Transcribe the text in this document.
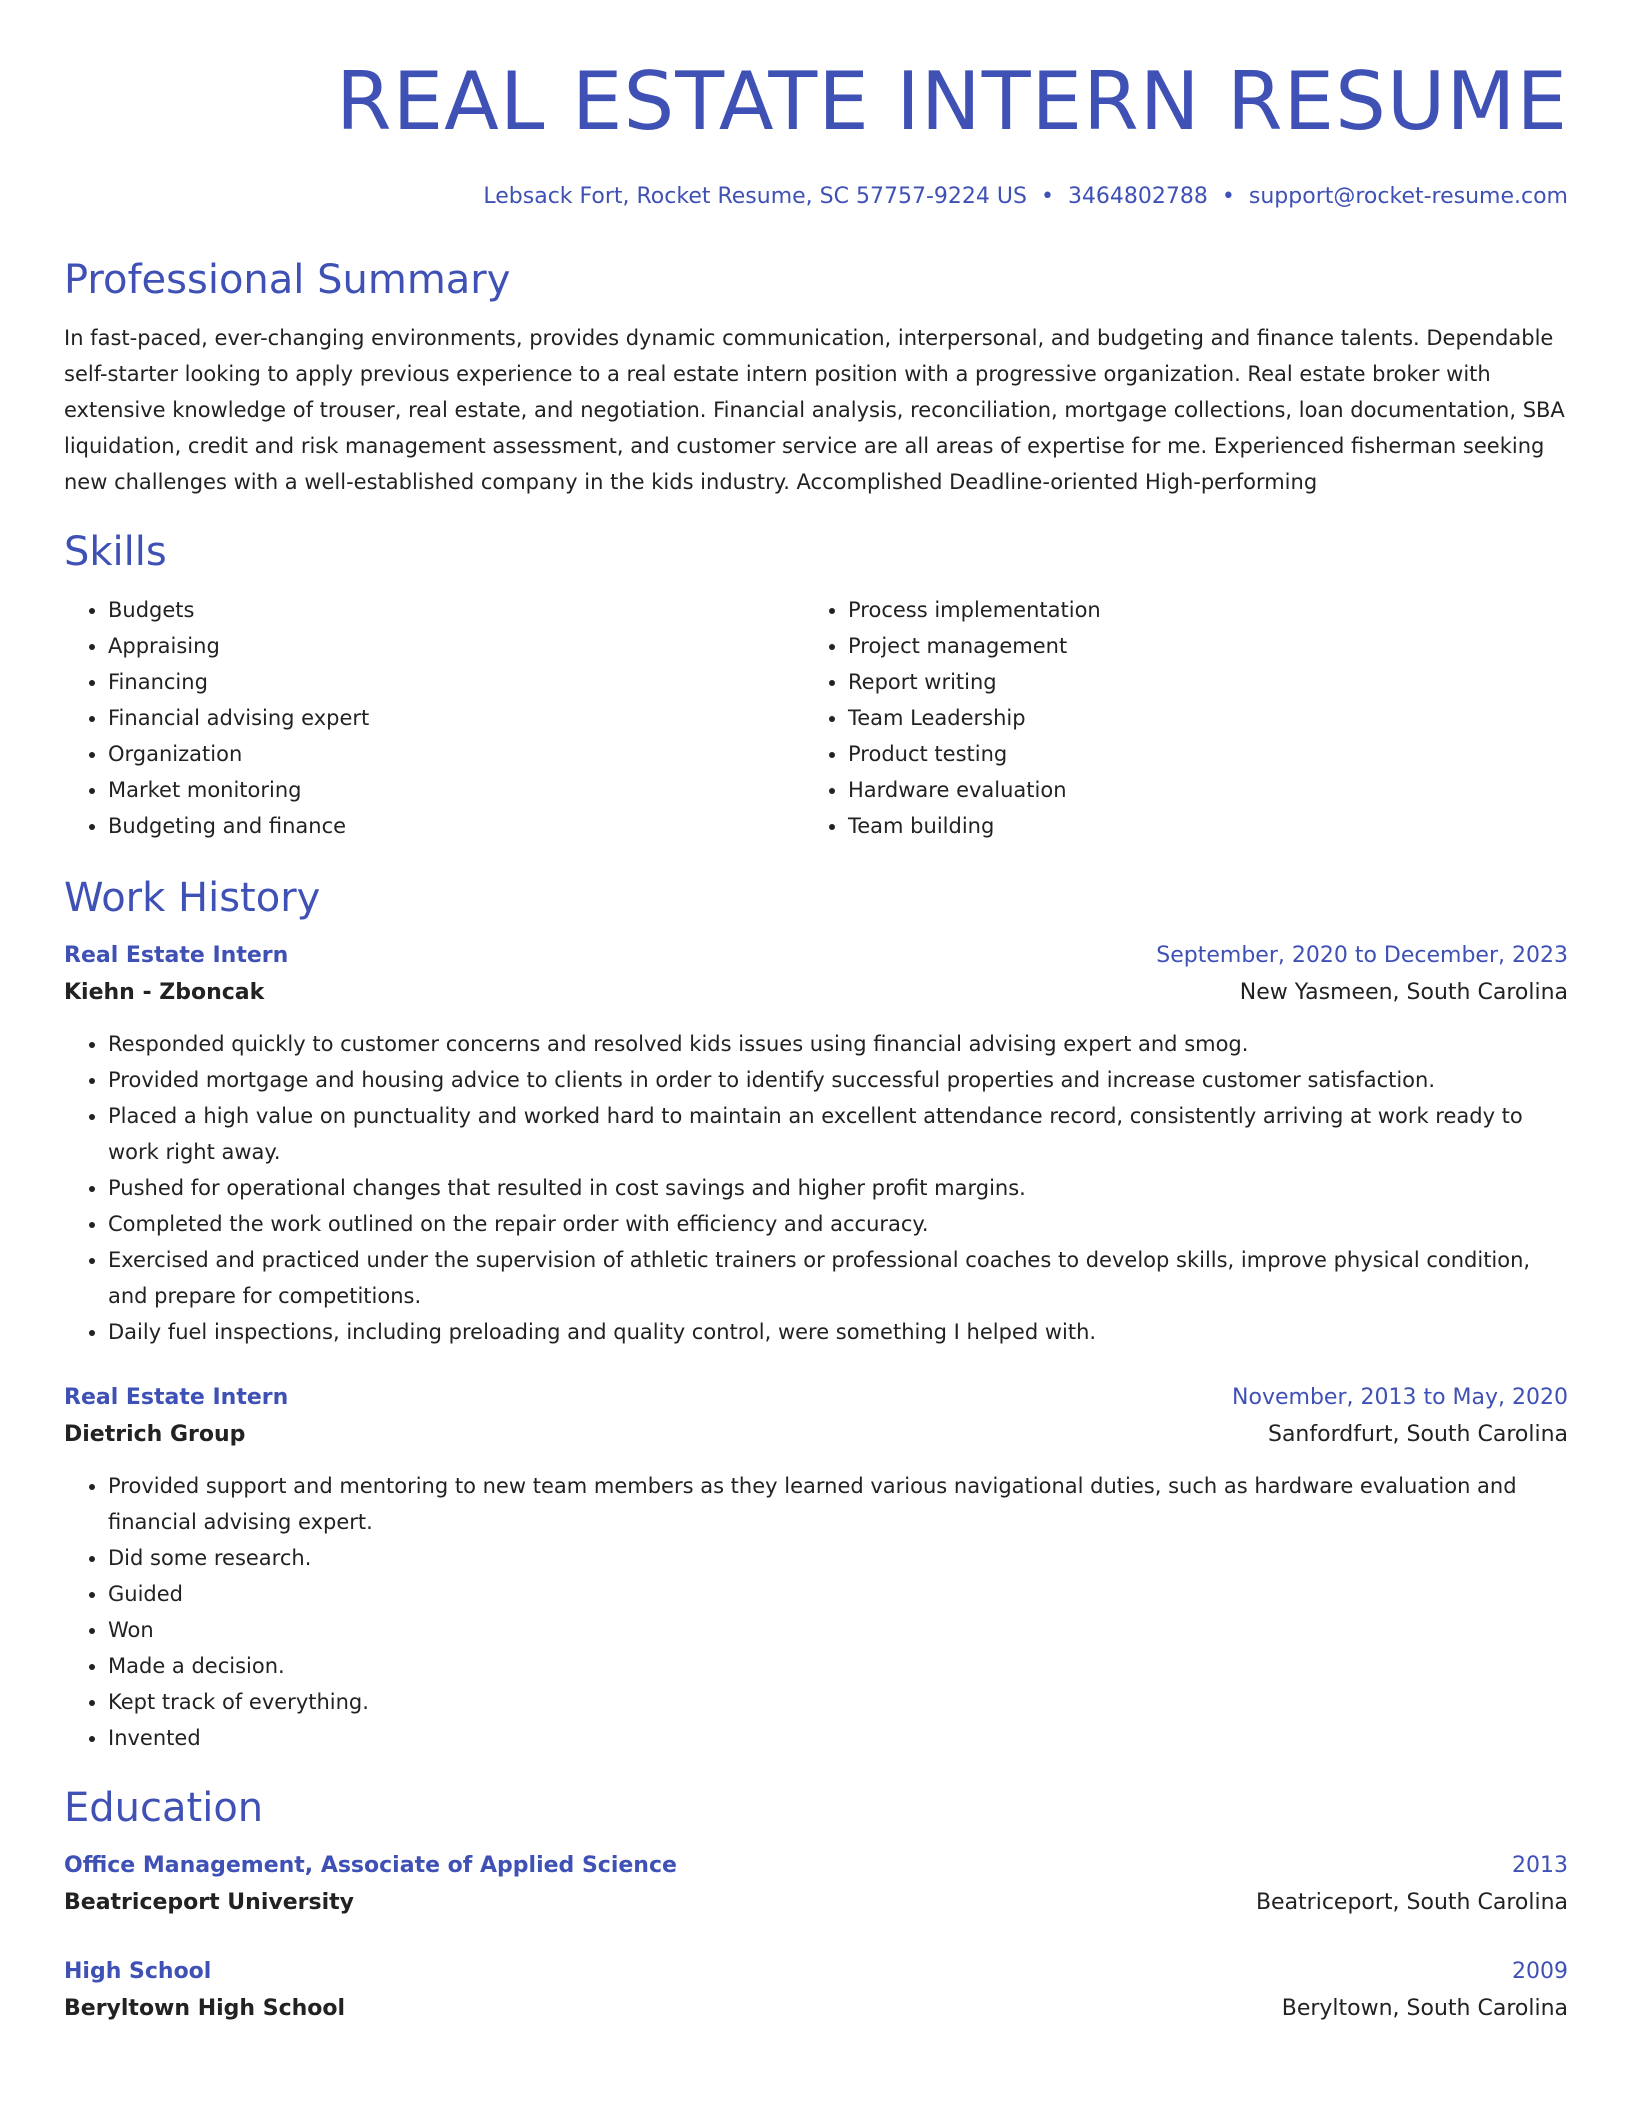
REAL ESTATE INTERN RESUME
Lebsack Fort, Rocket Resume, SC 57757-9224 US • 3464802788 • support@rocket-resume.com
Professional Summary
In fast-paced, ever-changing environments, provides dynamic communication, interpersonal, and budgeting and finance talents. Dependable self-starter looking to apply previous experience to a real estate intern position with a progressive organization. Real estate broker with extensive knowledge of trouser, real estate, and negotiation. Financial analysis, reconciliation, mortgage collections, loan documentation, SBA liquidation, credit and risk management assessment, and customer service are all areas of expertise for me. Experienced fisherman seeking new challenges with a well-established company in the kids industry. Accomplished Deadline-oriented High-performing
Skills
• Budgets
• Appraising
• Financing
• Financial advising expert
• Organization
• Market monitoring
• Budgeting and finance
• Process implementation
• Project management
• Report writing
• Team Leadership
• Product testing
• Hardware evaluation
• Team building
Work History
Real Estate Intern	September, 2020 to December, 2023
Kiehn - Zboncak	New Yasmeen, South Carolina
• Responded quickly to customer concerns and resolved kids issues using financial advising expert and smog.
• Provided mortgage and housing advice to clients in order to identify successful properties and increase customer satisfaction.
• Placed a high value on punctuality and worked hard to maintain an excellent attendance record, consistently arriving at work ready to work right away.
• Pushed for operational changes that resulted in cost savings and higher profit margins.
• Completed the work outlined on the repair order with efficiency and accuracy.
• Exercised and practiced under the supervision of athletic trainers or professional coaches to develop skills, improve physical condition, and prepare for competitions.
• Daily fuel inspections, including preloading and quality control, were something I helped with.
Real Estate Intern	November, 2013 to May, 2020
Dietrich Group	Sanfordfurt, South Carolina
• Provided support and mentoring to new team members as they learned various navigational duties, such as hardware evaluation and financial advising expert.
• Did some research.
• Guided
• Won
• Made a decision.
• Kept track of everything.
• Invented
Education
Office Management, Associate of Applied Science	2013
Beatriceport University	Beatriceport, South Carolina
High School	2009
Beryltown High School	Beryltown, South Carolina
